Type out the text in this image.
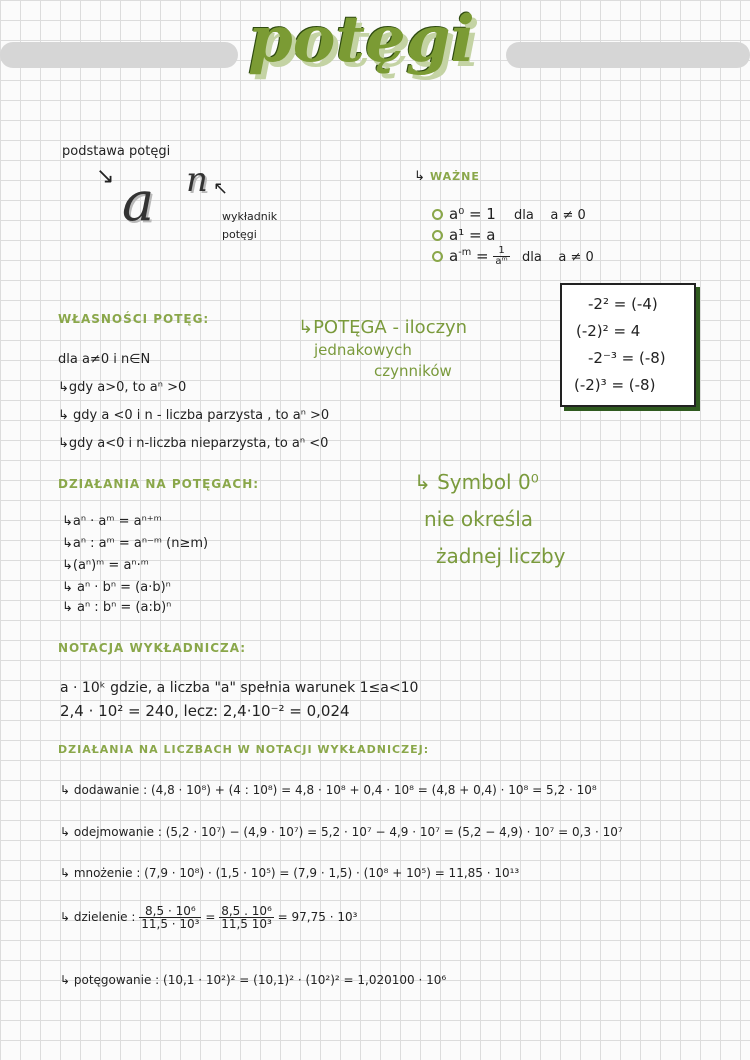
potęgi
podstawa potęgi
↘ a n ↖
wykładnik
potęgi
↳ WAŻNE
a⁰ = 1 dla a ≠ 0
a¹ = a
$a^{-m} = \frac{1}{\text{aᵐ}}$ dla a ≠ 0
-2² = (-4)
(-2)² = 4
-2⁻³ = (-8)
(-2)³ = (-8)
WŁASNOŚCI POTĘG:	↳POTĘGA - iloczyn
jednakowych
czynników
dla a≠0 i n∈N
↳gdy a>0, to aⁿ >0
↳ gdy a <0 i n - liczba parzysta , to aⁿ >0
↳gdy a<0 i n-liczba nieparzysta, to aⁿ <0
↳ Symbol 0⁰
nie określa
żadnej liczby
DZIAŁANIA NA POTĘGACH:
↳aⁿ · aᵐ = aⁿ⁺ᵐ
↳aⁿ : aᵐ = aⁿ⁻ᵐ (n≥m)
↳(aⁿ)ᵐ = aⁿ·ᵐ
↳ aⁿ · bⁿ = (a·b)ⁿ
↳ aⁿ : bⁿ = (a:b)ⁿ
NOTACJA WYKŁADNICZA:
a · 10ᵏ gdzie, a liczba "a" spełnia warunek 1≤a<10
2,4 · 10² = 240, lecz: 2,4·10⁻² = 0,024
DZIAŁANIA NA LICZBACH W NOTACJI WYKŁADNICZEJ:
↳ dodawanie : (4,8 · 10⁸) + (4 : 10⁸) = 4,8 · 10⁸ + 0,4 · 10⁸ = (4,8 + 0,4) · 10⁸ = 5,2 · 10⁸
↳ odejmowanie : (5,2 · 10⁷) − (4,9 · 10⁷) = 5,2 · 10⁷ − 4,9 · 10⁷ = (5,2 − 4,9) · 10⁷ = 0,3 · 10⁷
↳ mnożenie : (7,9 · 10⁸) · (1,5 · 10⁵) = (7,9 · 1,5) · (10⁸ + 10⁵) = 11,85 · 10¹³
↳ dzielenie : $\frac{\text{8,5 · 10⁶}}{\text{11,5 · 10³}} = \frac{\text{8,5 . 10⁶}}{\text{11,5 10³}} = 97,75 \cdot 10^3$
↳ potęgowanie : (10,1 · 10²)² = (10,1)² · (10²)² = 1,020100 · 10⁶
